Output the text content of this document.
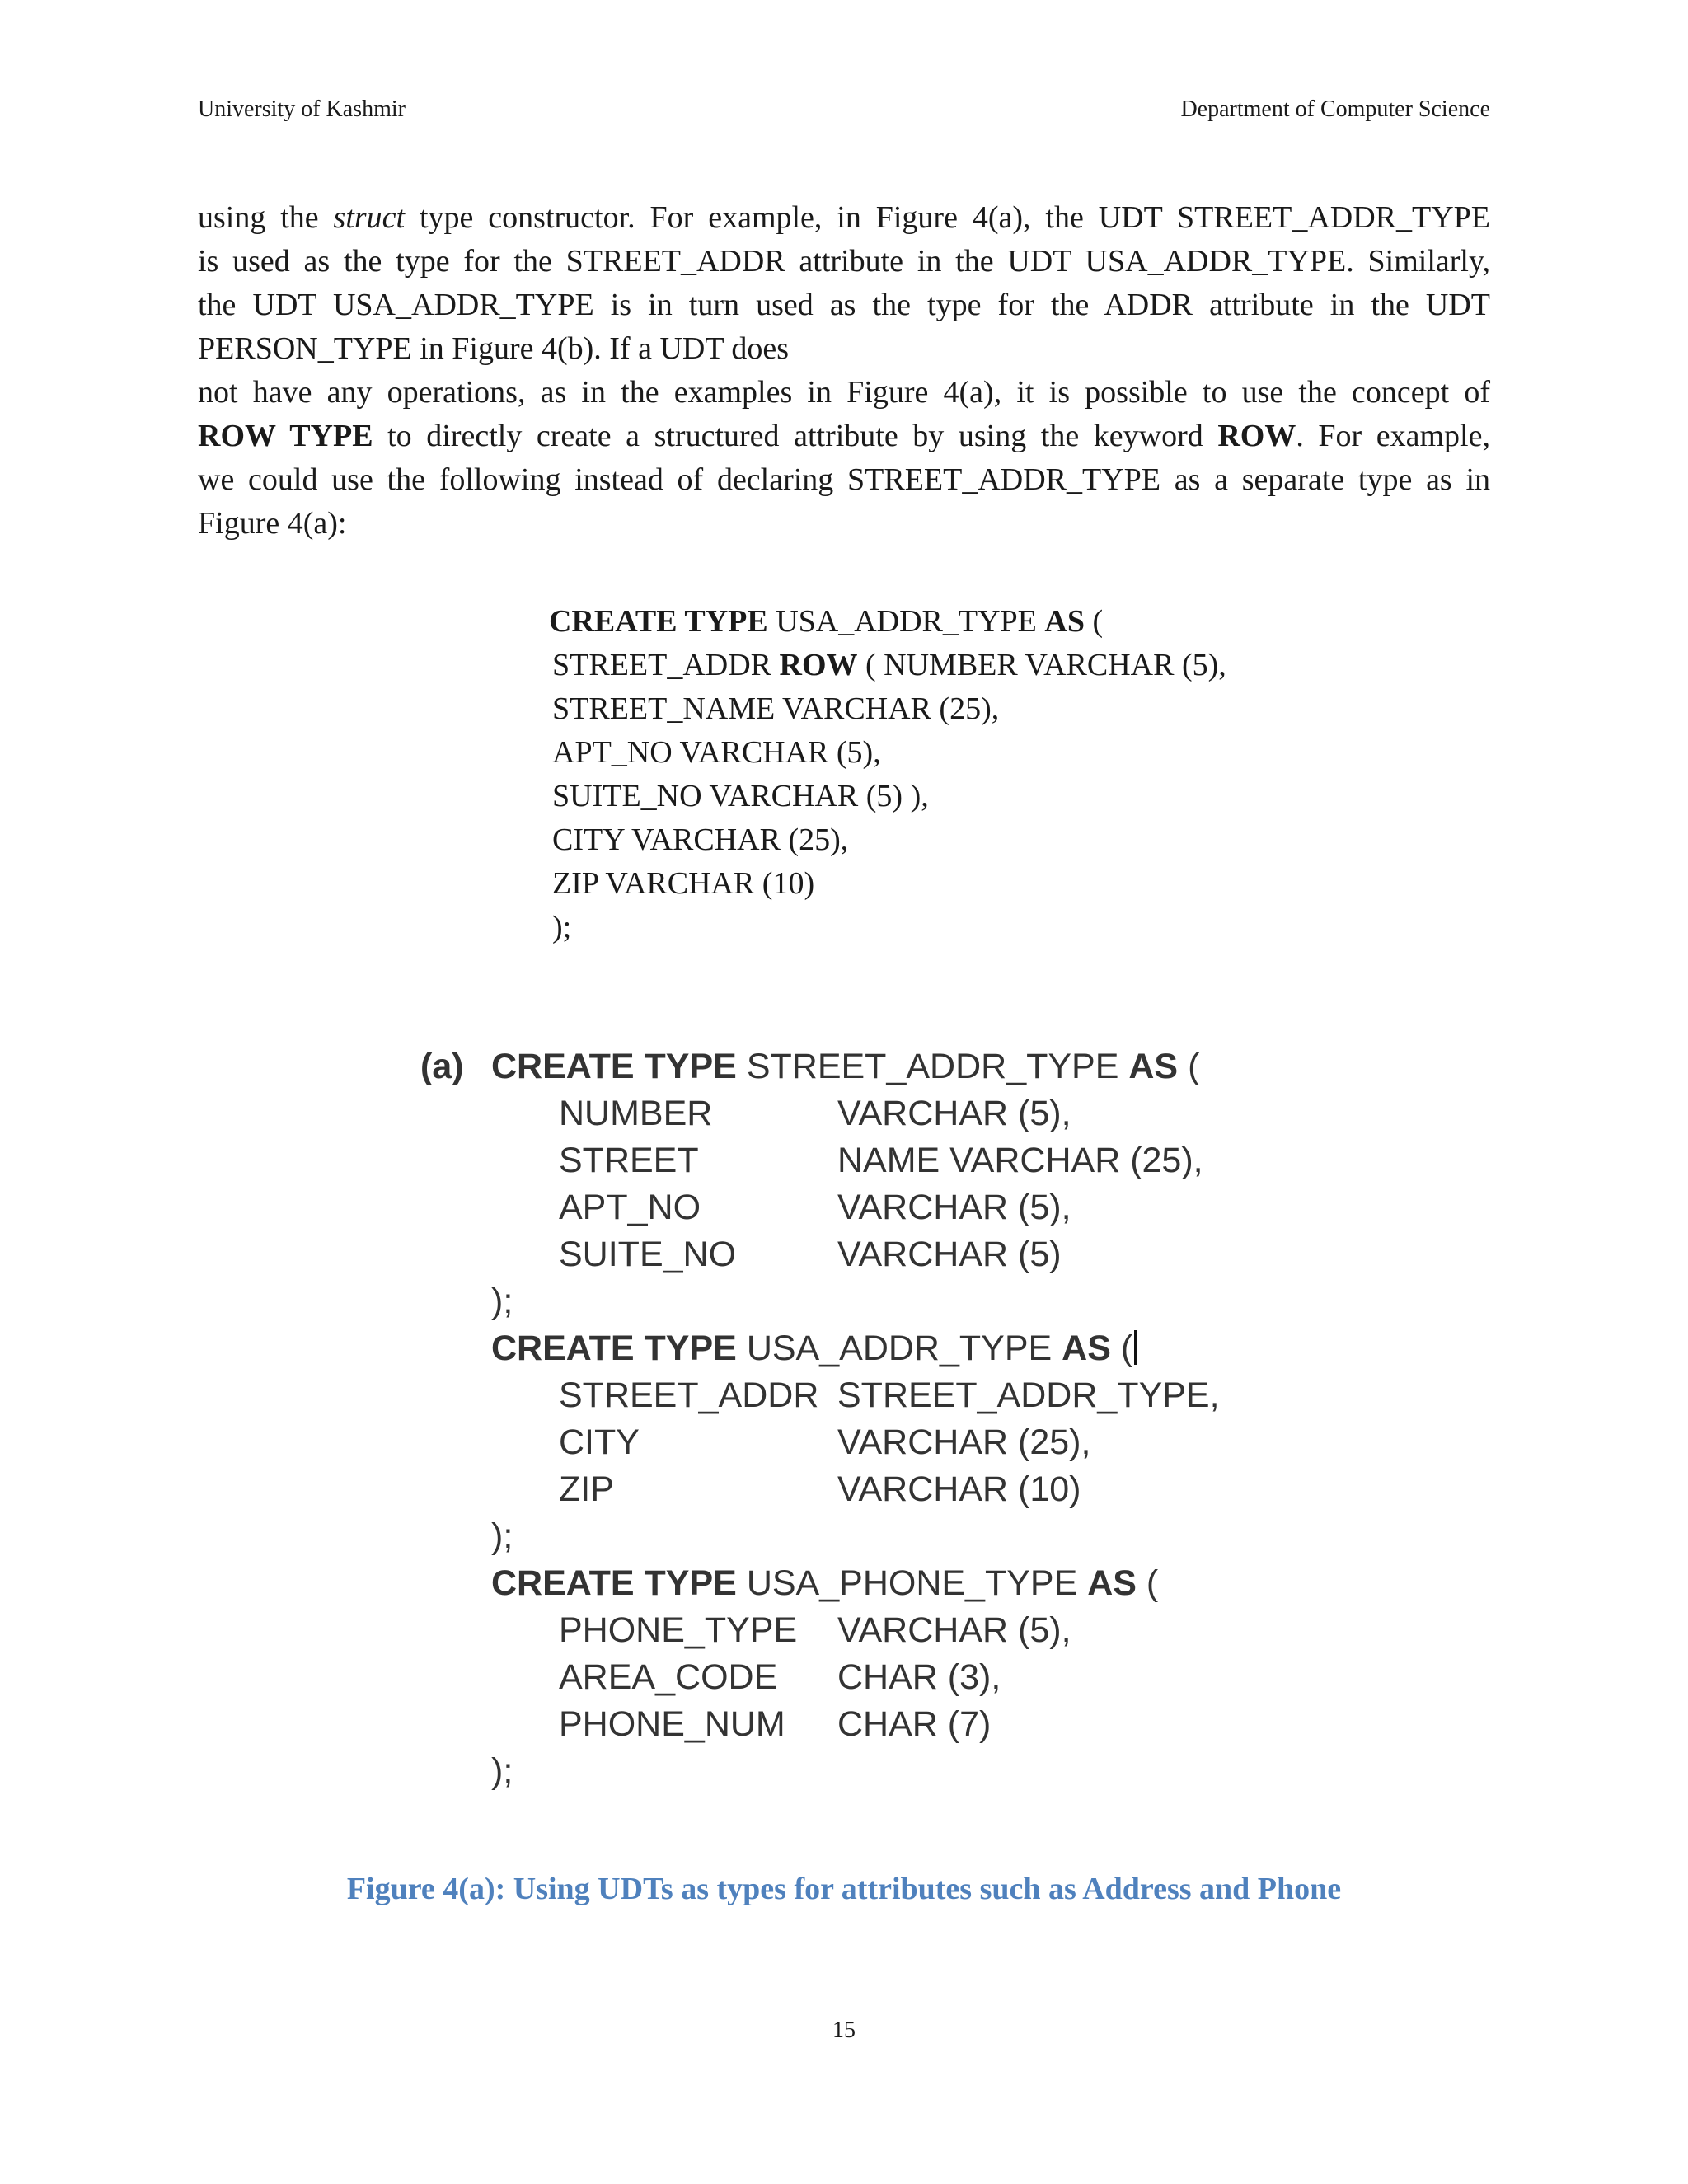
University of Kashmir	Department of Computer Science
using the struct type constructor. For example, in Figure 4(a), the UDT STREET_ADDR_TYPE
is used as the type for the STREET_ADDR attribute in the UDT USA_ADDR_TYPE. Similarly,
the UDT USA_ADDR_TYPE is in turn used as the type for the ADDR attribute in the UDT
PERSON_TYPE in Figure 4(b). If a UDT does
not have any operations, as in the examples in Figure 4(a), it is possible to use the concept of
ROW TYPE to directly create a structured attribute by using the keyword ROW. For example,
we could use the following instead of declaring STREET_ADDR_TYPE as a separate type as in
Figure 4(a):
CREATE TYPE USA_ADDR_TYPE AS (
STREET_ADDR ROW ( NUMBER VARCHAR (5),
STREET_NAME VARCHAR (25),
APT_NO VARCHAR (5),
SUITE_NO VARCHAR (5) ),
CITY VARCHAR (25),
ZIP VARCHAR (10)
);
(a) CREATE TYPE STREET_ADDR_TYPE AS (
NUMBER	VARCHAR (5),
STREET	NAME VARCHAR (25),
APT_NO	VARCHAR (5),
SUITE_NO	VARCHAR (5)
);
CREATE TYPE USA_ADDR_TYPE AS (
STREET_ADDR STREET_ADDR_TYPE,
CITY	VARCHAR (25),
ZIP	VARCHAR (10)
);
CREATE TYPE USA_PHONE_TYPE AS (
PHONE_TYPE VARCHAR (5),
AREA_CODE CHAR (3),
PHONE_NUM CHAR (7)
);
Figure 4(a): Using UDTs as types for attributes such as Address and Phone
15
